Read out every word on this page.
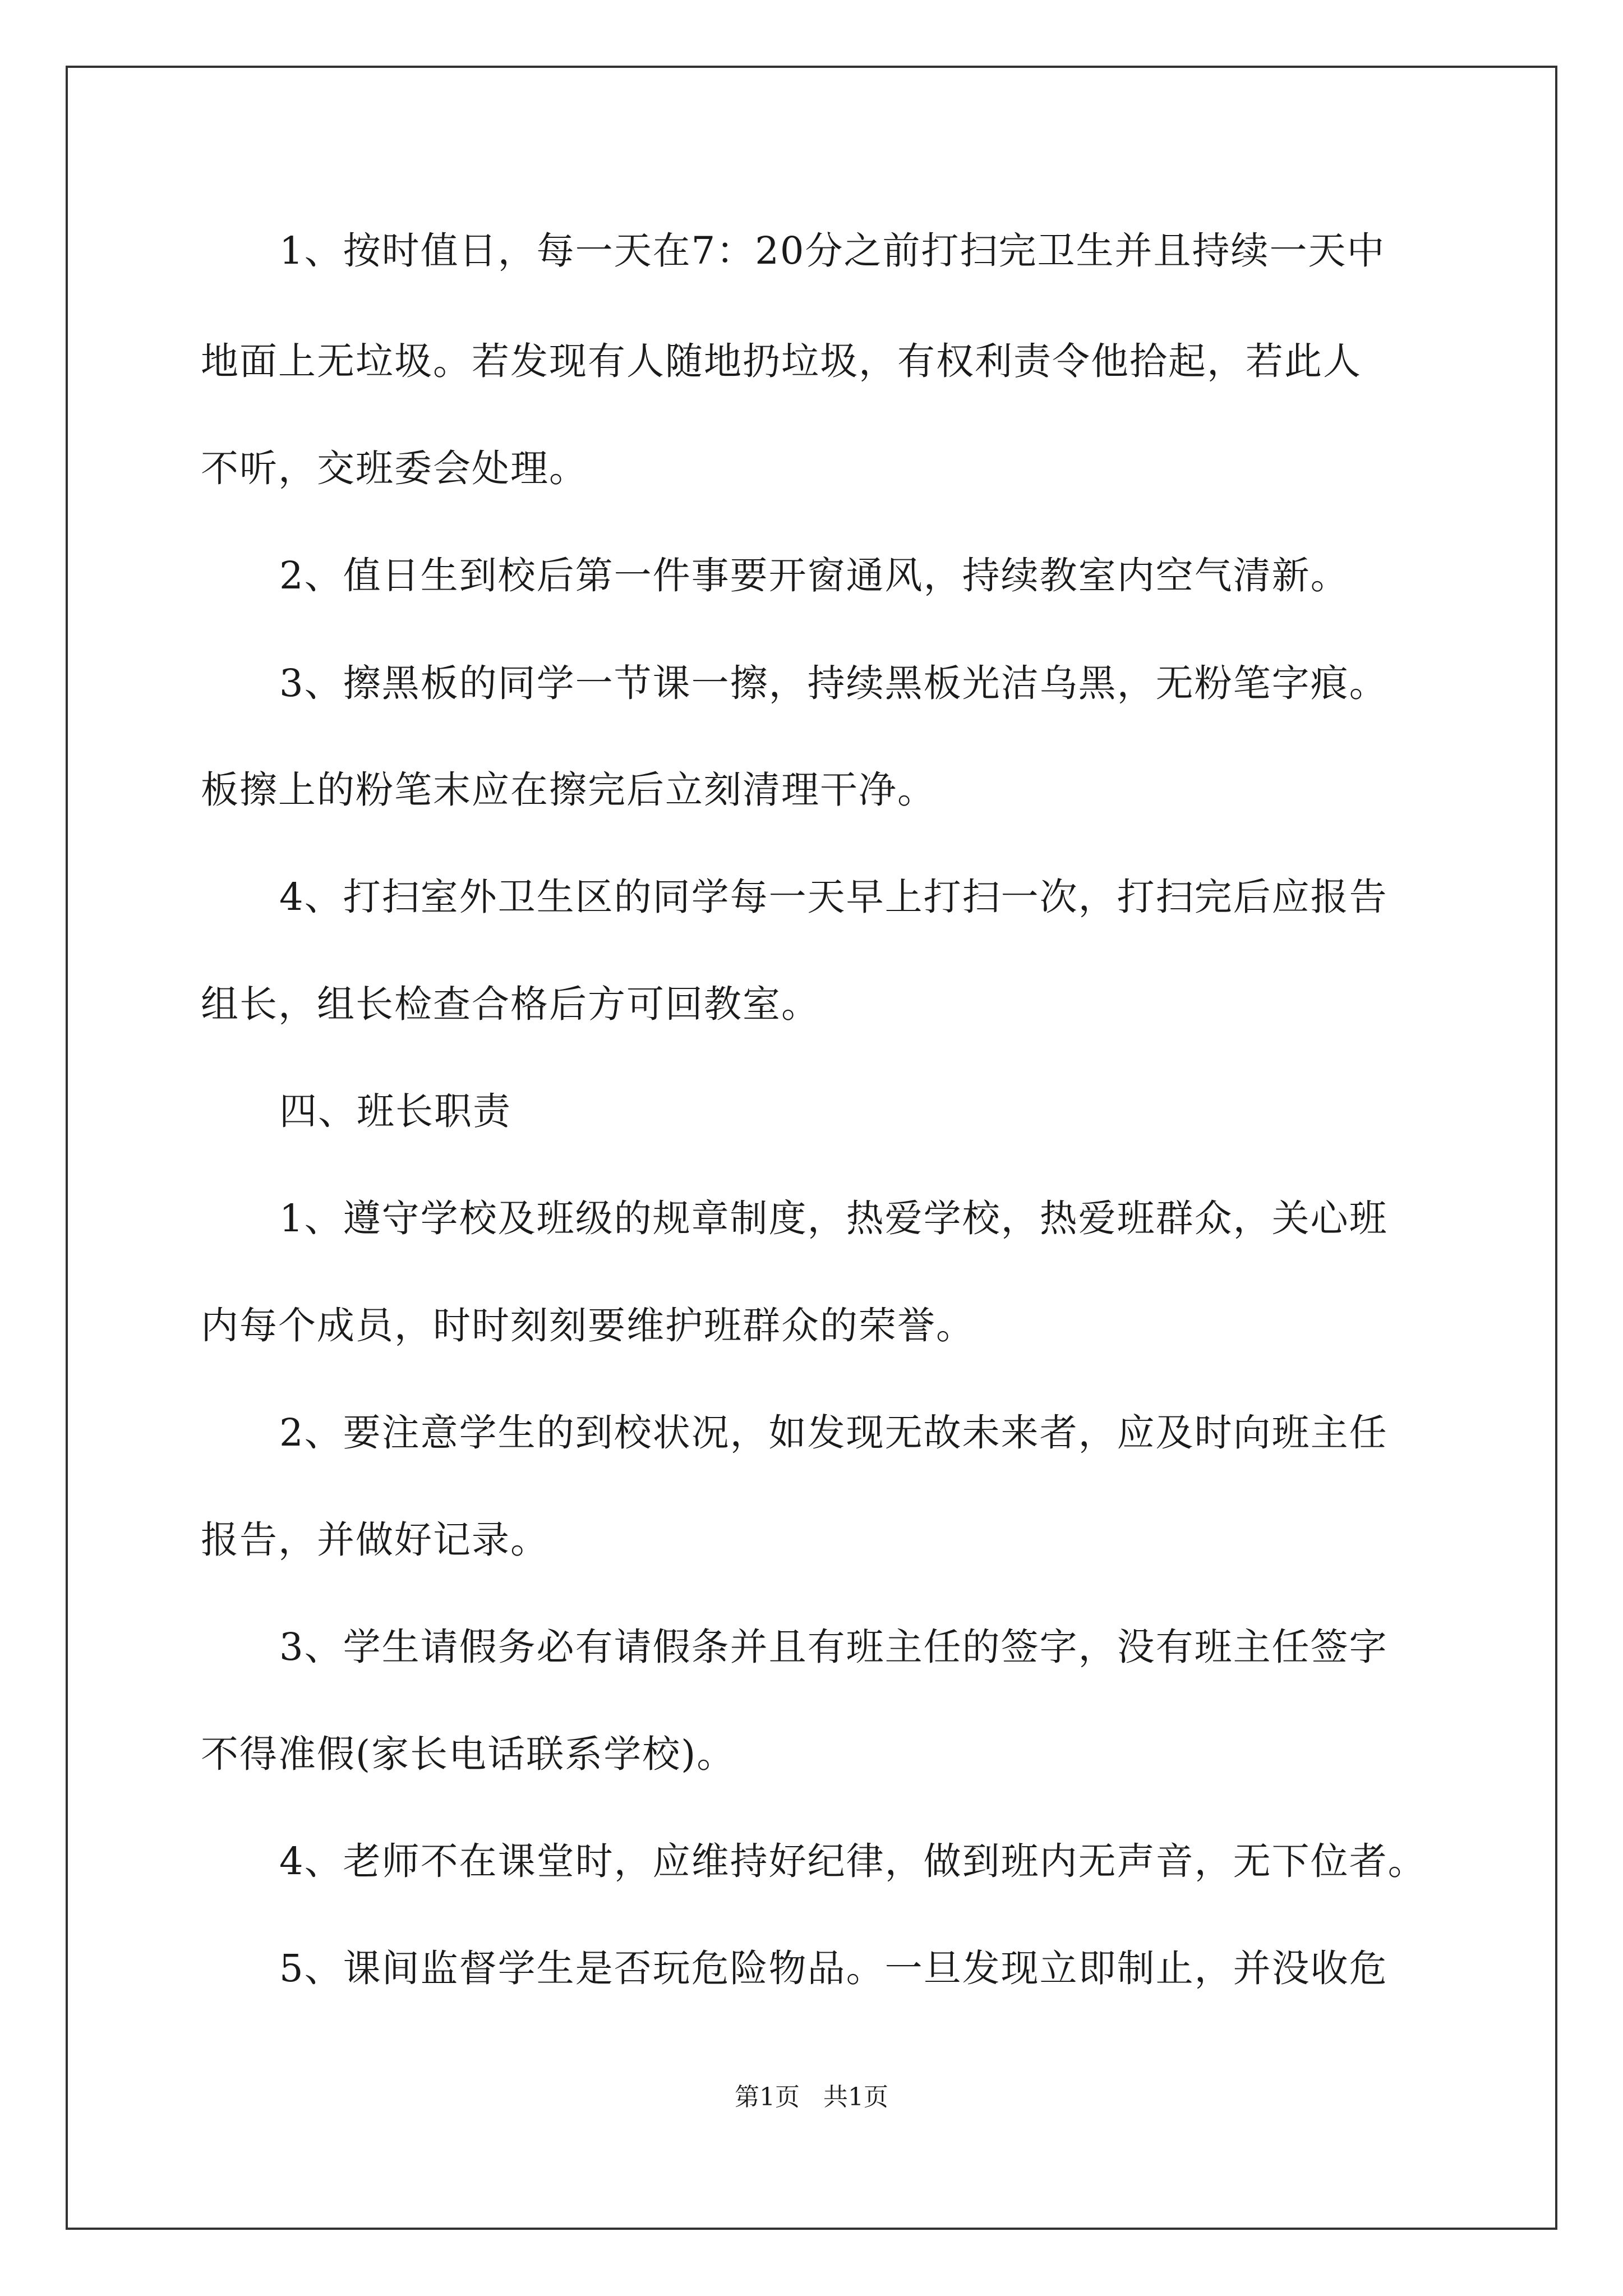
1、按时值日，每一天在7：20分之前打扫完卫生并且持续一天中
地面上无垃圾。若发现有人随地扔垃圾，有权利责令他拾起，若此人
不听，交班委会处理。
2、值日生到校后第一件事要开窗通风，持续教室内空气清新。
3、擦黑板的同学一节课一擦，持续黑板光洁乌黑，无粉笔字痕。
板擦上的粉笔末应在擦完后立刻清理干净。
4、打扫室外卫生区的同学每一天早上打扫一次，打扫完后应报告
组长，组长检查合格后方可回教室。
四、班长职责
1、遵守学校及班级的规章制度，热爱学校，热爱班群众，关心班
内每个成员，时时刻刻要维护班群众的荣誉。
2、要注意学生的到校状况，如发现无故未来者，应及时向班主任
报告，并做好记录。
3、学生请假务必有请假条并且有班主任的签字，没有班主任签字
不得准假(家长电话联系学校)。
4、老师不在课堂时，应维持好纪律，做到班内无声音，无下位者。
5、课间监督学生是否玩危险物品。一旦发现立即制止，并没收危
第1页   共1页
